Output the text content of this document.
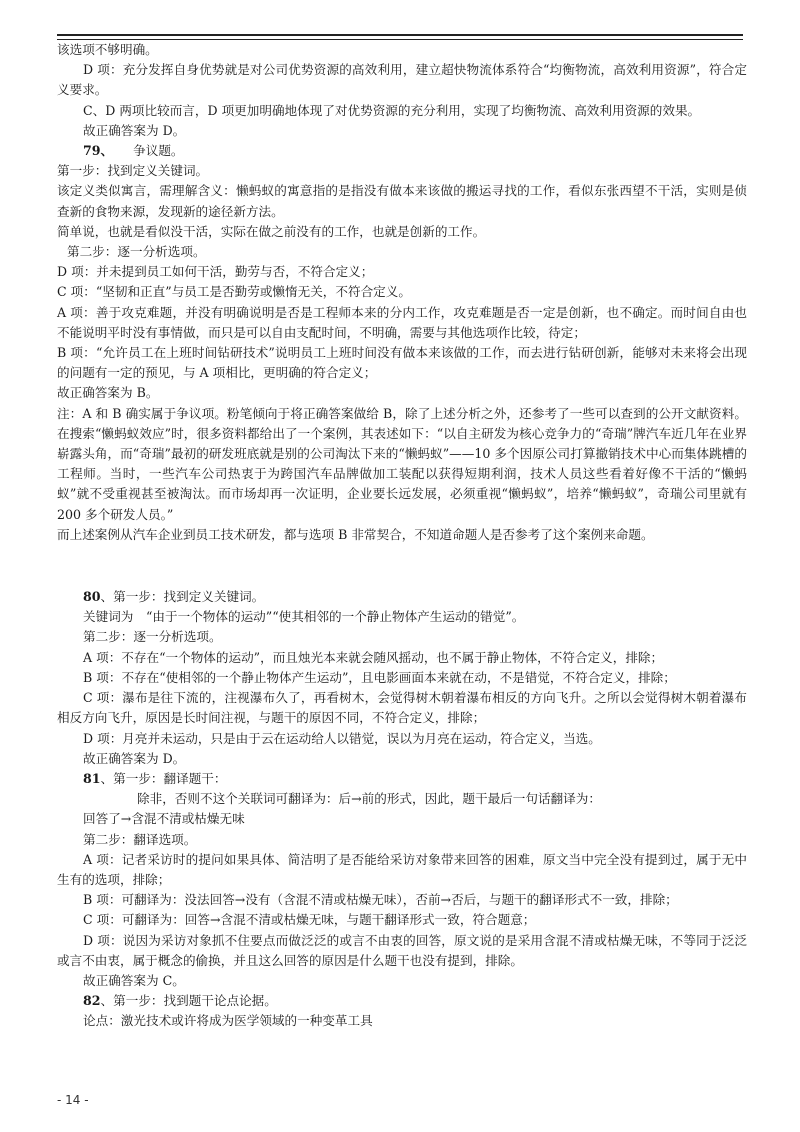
该选项不够明确。

D 项：充分发挥自身优势就是对公司优势资源的高效利用，建立超快物流体系符合“均衡物流，高效利用资源”，符合定义要求。

C、D 两项比较而言，D 项更加明确地体现了对优势资源的充分利用，实现了均衡物流、高效利用资源的效果。

故正确答案为 D。

79、 争议题。

第一步：找到定义关键词。

该定义类似寓言，需理解含义：懒蚂蚁的寓意指的是指没有做本来该做的搬运寻找的工作，看似东张西望不干活，实则是侦查新的食物来源，发现新的途径新方法。

简单说，也就是看似没干活，实际在做之前没有的工作，也就是创新的工作。

第二步：逐一分析选项。

D 项：并未提到员工如何干活，勤劳与否，不符合定义；

C 项：“坚韧和正直”与员工是否勤劳或懒惰无关，不符合定义。

A 项：善于攻克难题，并没有明确说明是否是工程师本来的分内工作，攻克难题是否一定是创新，也不确定。而时间自由也不能说明平时没有事情做，而只是可以自由支配时间，不明确，需要与其他选项作比较，待定；

B 项：“允许员工在上班时间钻研技术”说明员工上班时间没有做本来该做的工作，而去进行钻研创新，能够对未来将会出现的问题有一定的预见，与 A 项相比，更明确的符合定义；

故正确答案为 B。

注：A 和 B 确实属于争议项。粉笔倾向于将正确答案做给 B，除了上述分析之外，还参考了一些可以查到的公开文献资料。在搜索“懒蚂蚁效应”时，很多资料都给出了一个案例，其表述如下：“以自主研发为核心竞争力的“奇瑞”牌汽车近几年在业界崭露头角，而“奇瑞”最初的研发班底就是别的公司淘汰下来的“懒蚂蚁”——10 多个因原公司打算撤销技术中心而集体跳槽的工程师。当时，一些汽车公司热衷于为跨国汽车品牌做加工装配以获得短期利润，技术人员这些看着好像不干活的“懒蚂蚁”就不受重视甚至被淘汰。而市场却再一次证明，企业要长远发展，必须重视“懒蚂蚁”，培养“懒蚂蚁”，奇瑞公司里就有 200 多个研发人员。”

而上述案例从汽车企业到员工技术研发，都与选项 B 非常契合，不知道命题人是否参考了这个案例来命题。

80、第一步：找到定义关键词。

关键词为　“由于一个物体的运动”“使其相邻的一个静止物体产生运动的错觉”。

第二步：逐一分析选项。

A 项：不存在“一个物体的运动”，而且烛光本来就会随风摇动，也不属于静止物体，不符合定义，排除；

B 项：不存在“使相邻的一个静止物体产生运动”，且电影画面本来就在动，不是错觉，不符合定义，排除；

C 项：瀑布是往下流的，注视瀑布久了，再看树木，会觉得树木朝着瀑布相反的方向飞升。之所以会觉得树木朝着瀑布相反方向飞升，原因是长时间注视，与题干的原因不同，不符合定义，排除；

D 项：月亮并未运动，只是由于云在运动给人以错觉，误以为月亮在运动，符合定义，当选。

故正确答案为 D。

81、第一步：翻译题干：

除非，否则不这个关联词可翻译为：后→前的形式，因此，题干最后一句话翻译为：

回答了→含混不清或枯燥无味

第二步：翻译选项。

A 项：记者采访时的提问如果具体、简洁明了是否能给采访对象带来回答的困难，原文当中完全没有提到过，属于无中生有的选项，排除；

B 项：可翻译为：没法回答→没有（含混不清或枯燥无味），否前→否后，与题干的翻译形式不一致，排除；

C 项：可翻译为：回答→含混不清或枯燥无味，与题干翻译形式一致，符合题意；

D 项：说因为采访对象抓不住要点而做泛泛的或言不由衷的回答，原文说的是采用含混不清或枯燥无味，不等同于泛泛或言不由衷，属于概念的偷换，并且这么回答的原因是什么题干也没有提到，排除。

故正确答案为 C。

82、第一步：找到题干论点论据。

论点：激光技术或许将成为医学领域的一种变革工具

- 14 -
